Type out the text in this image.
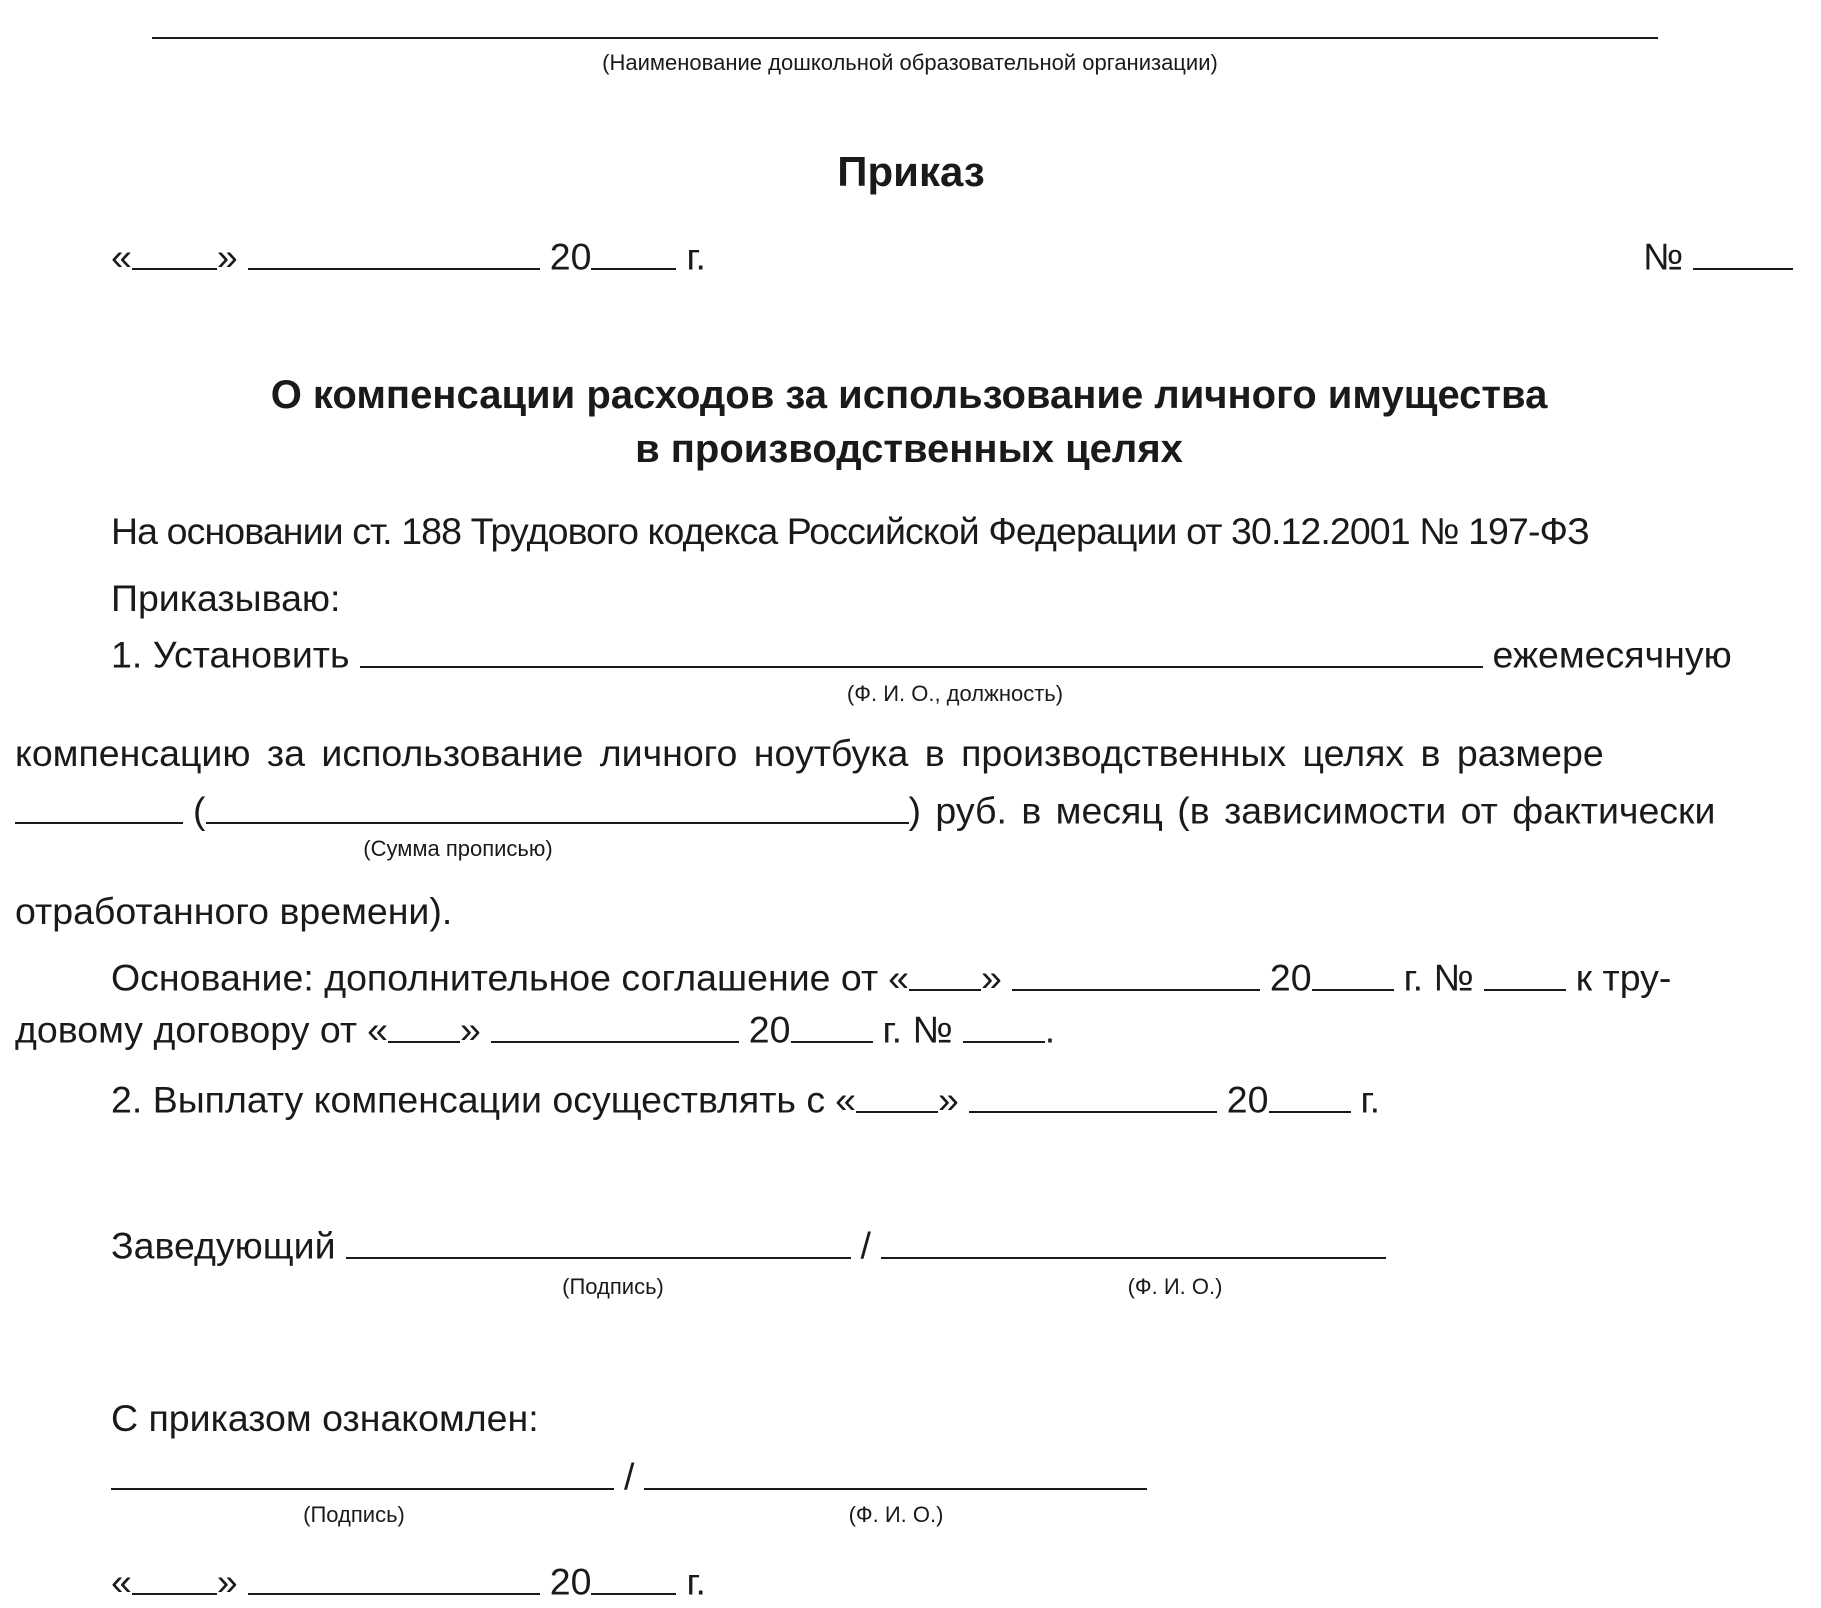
(Наименование дошкольной образовательной организации)
Приказ
« »	20	г.	№
О компенсации расходов за использование личного имущества
в производственных целях
На основании ст. 188 Трудового кодекса Российской Федерации от 30.12.2001 № 197-ФЗ
Приказываю:
1. Установить	ежемесячную
(Ф. И. О., должность)
компенсацию за использование личного ноутбука в производственных целях в размере
(	) руб. в месяц (в зависимости от фактически
(Сумма прописью)
отработанного времени).
Основание: дополнительное соглашение от « »	20 г. №	к тру-
довому договору от « »	20 г. № .
2. Выплату компенсации осуществлять с « »	20 г.
Заведующий	/
(Подпись)	(Ф. И. О.)
С приказом ознакомлен:
/
(Подпись)	(Ф. И. О.)
« »	20	г.
